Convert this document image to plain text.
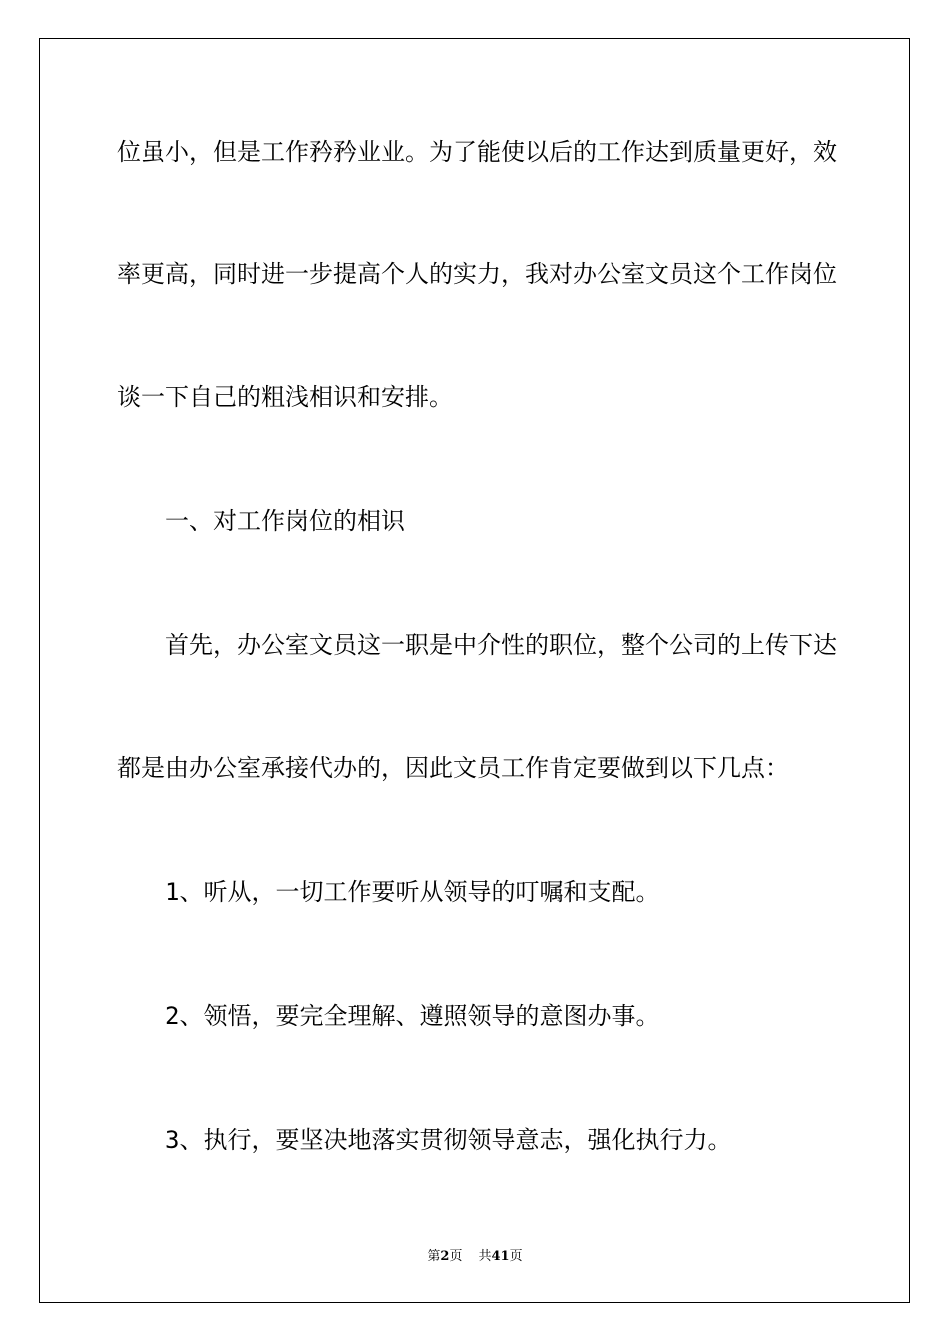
位虽小，但是工作矜矜业业。为了能使以后的工作达到质量更好，效
率更高，同时进一步提高个人的实力，我对办公室文员这个工作岗位
谈一下自己的粗浅相识和安排。
一、对工作岗位的相识
首先，办公室文员这一职是中介性的职位，整个公司的上传下达
都是由办公室承接代办的，因此文员工作肯定要做到以下几点：
1、听从，一切工作要听从领导的叮嘱和支配。
2、领悟，要完全理解、遵照领导的意图办事。
3、执行，要坚决地落实贯彻领导意志，强化执行力。
第2页 共41页
